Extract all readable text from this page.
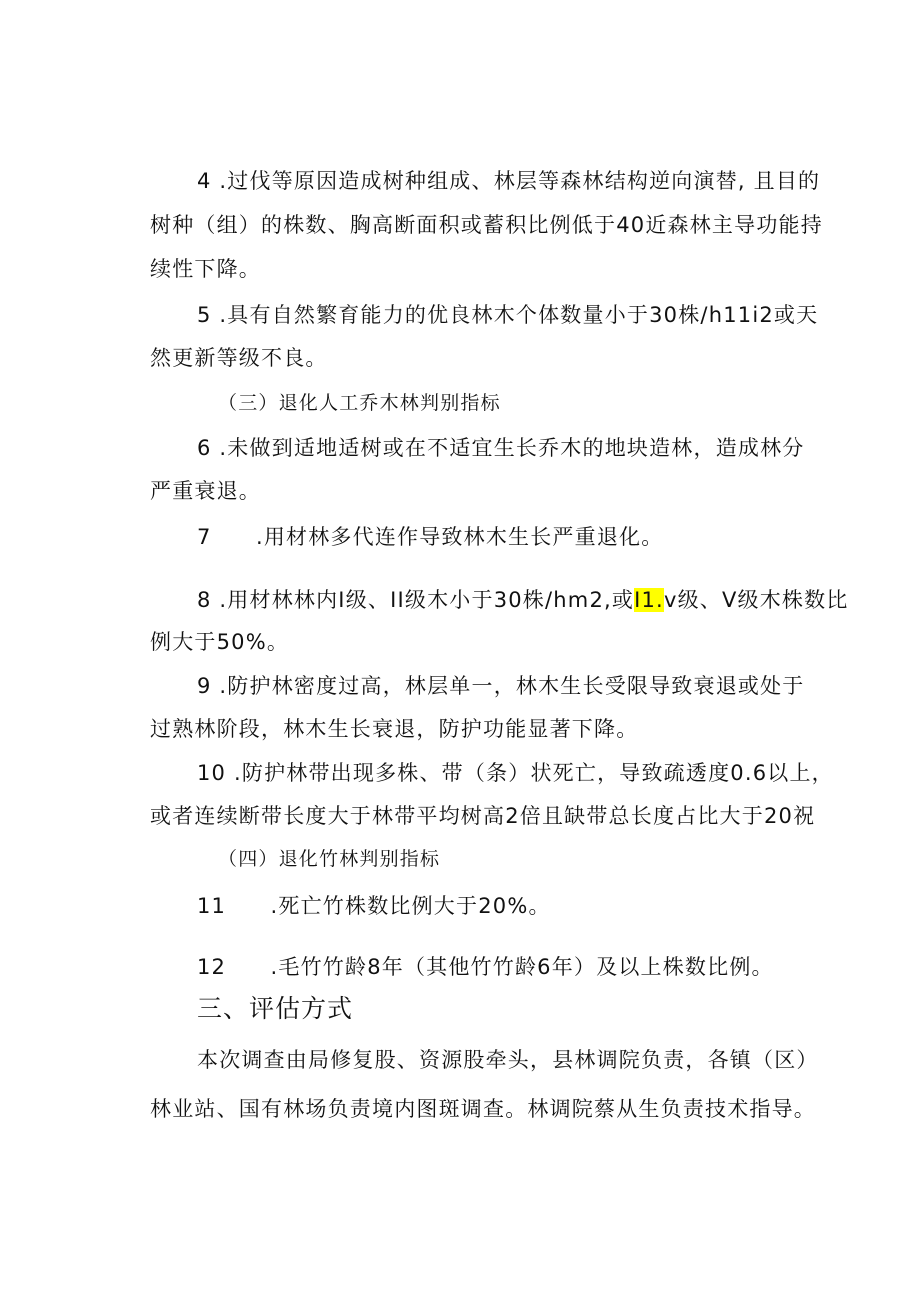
4 .过伐等原因造成树种组成、林层等森林结构逆向演替, 且目的
树种（组）的株数、胸高断面积或蓄积比例低于40近森林主导功能持
续性下降。
5 .具有自然繁育能力的优良林木个体数量小于30株/h11i2或天
然更新等级不良。
（三）退化人工乔木林判别指标
6 .未做到适地适树或在不适宜生长乔木的地块造林，造成林分
严重衰退。
7　　.用材林多代连作导致林木生长严重退化。
8 .用材林林内I级、II级木小于30株/hm2,或I1.v级、V级木株数比
例大于50%。
9 .防护林密度过高，林层单一，林木生长受限导致衰退或处于
过熟林阶段，林木生长衰退，防护功能显著下降。
10 .防护林带出现多株、带（条）状死亡，导致疏透度0.6以上，
或者连续断带长度大于林带平均树高2倍且缺带总长度占比大于20祝
（四）退化竹林判别指标
11　　.死亡竹株数比例大于20%。
12　　.毛竹竹龄8年（其他竹竹龄6年）及以上株数比例。
三、评估方式
本次调查由局修复股、资源股牵头，县林调院负责，各镇（区）
林业站、国有林场负责境内图斑调查。林调院蔡从生负责技术指导。
